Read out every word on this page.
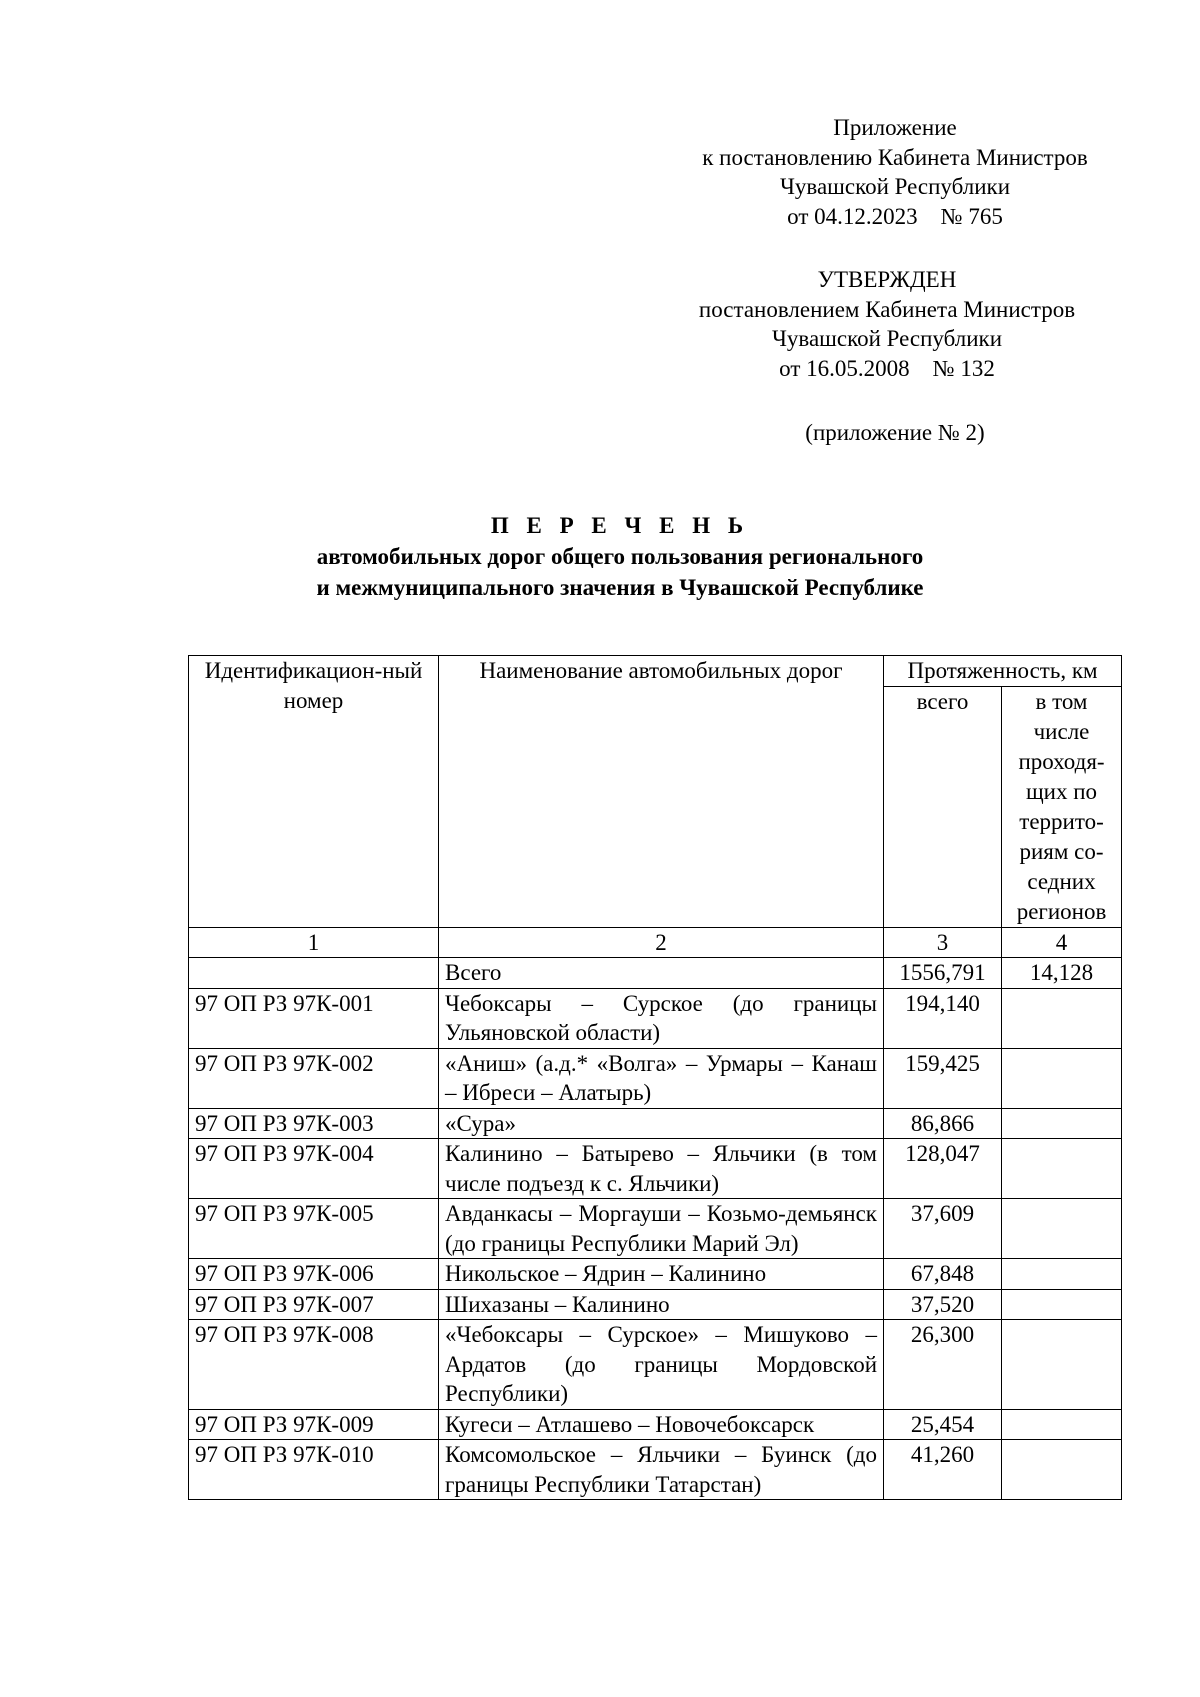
Приложение
к постановлению Кабинета Министров
Чувашской Республики
от 04.12.2023    № 765
УТВЕРЖДЕН
постановлением Кабинета Министров
Чувашской Республики
от 16.05.2008    № 132
(приложение № 2)
П Е Р Е Ч Е Н Ь
автомобильных дорог общего пользования регионального
и межмуниципального значения в Чувашской Республике
Идентификацион-ный номер	Наименование автомобильных дорог	Протяженность, км	
		всего	в том числе проходя-щих по террито-риям со-седних регионов
1	2	3	4
	Всего	1556,791	14,128
97 ОП РЗ 97К-001	Чебоксары – Сурское (до границы Ульяновской области)	194,140	
97 ОП РЗ 97К-002	«Аниш» (а.д.* «Волга» – Урмары – Канаш – Ибреси – Алатырь)	159,425	
97 ОП РЗ 97К-003	«Сура»	86,866	
97 ОП РЗ 97К-004	Калинино – Батырево – Яльчики (в том числе подъезд к с. Яльчики)	128,047	
97 ОП РЗ 97К-005	Авданкасы – Моргауши – Козьмо-демьянск (до границы Республики Марий Эл)	37,609	
97 ОП РЗ 97К-006	Никольское – Ядрин – Калинино	67,848	
97 ОП РЗ 97К-007	Шихазаны – Калинино	37,520	
97 ОП РЗ 97К-008	«Чебоксары – Сурское» – Мишуково – Ардатов (до границы Мордовской Республики)	26,300	
97 ОП РЗ 97К-009	Кугеси – Атлашево – Новочебоксарск	25,454	
97 ОП РЗ 97К-010	Комсомольское – Яльчики – Буинск (до границы Республики Татарстан)	41,260	
